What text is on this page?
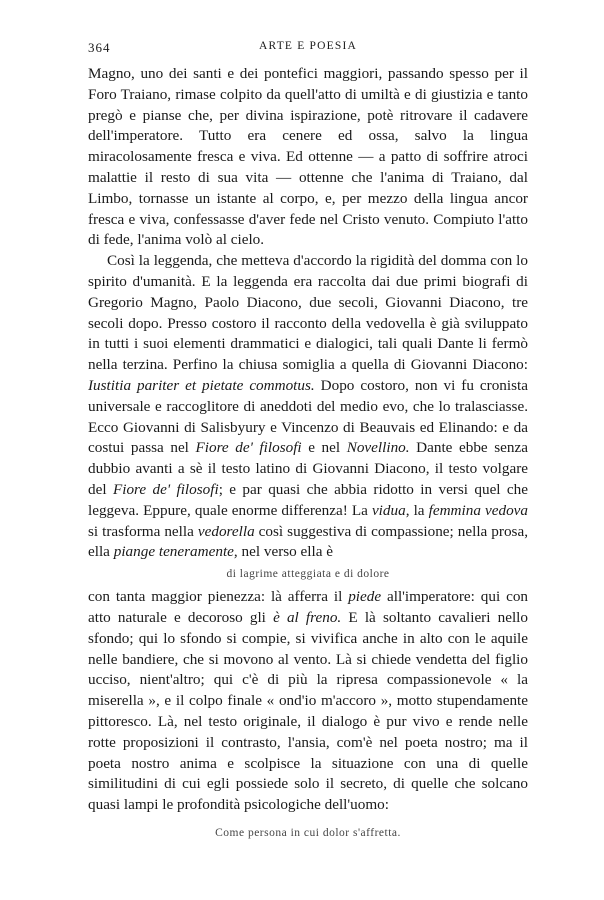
364	ARTE E POESIA

Magno, uno dei santi e dei pontefici maggiori, passando spesso per il Foro Traiano, rimase colpito da quell'atto di umiltà e di giustizia e tanto pregò e pianse che, per divina ispirazione, potè ritrovare il cadavere dell'imperatore. Tutto era cenere ed ossa, salvo la lingua miracolosamente fresca e viva. Ed ottenne — a patto di soffrire atroci malattie il resto di sua vita — ottenne che l'anima di Traiano, dal Limbo, tornasse un istante al corpo, e, per mezzo della lingua ancor fresca e viva, confessasse d'aver fede nel Cristo venuto. Compiuto l'atto di fede, l'anima volò al cielo.

Così la leggenda, che metteva d'accordo la rigidità del domma con lo spirito d'umanità. E la leggenda era raccolta dai due primi biografi di Gregorio Magno, Paolo Diacono, due secoli, Giovanni Diacono, tre secoli dopo. Presso costoro il racconto della vedovella è già sviluppato in tutti i suoi elementi drammatici e dialogici, tali quali Dante li fermò nella terzina. Perfino la chiusa somiglia a quella di Giovanni Diacono: Iustitia pariter et pietate commotus. Dopo costoro, non vi fu cronista universale e raccoglitore di aneddoti del medio evo, che lo tralasciasse. Ecco Giovanni di Salisbyury e Vincenzo di Beauvais ed Elinando: e da costui passa nel Fiore de' filosofi e nel Novellino. Dante ebbe senza dubbio avanti a sè il testo latino di Giovanni Diacono, il testo volgare del Fiore de' filosofi; e par quasi che abbia ridotto in versi quel che leggeva. Eppure, quale enorme differenza! La vidua, la femmina vedova si trasforma nella vedorella così suggestiva di compassione; nella prosa, ella piange teneramente, nel verso ella è

di lagrime atteggiata e di dolore

con tanta maggior pienezza: là afferra il piede all'imperatore: qui con atto naturale e decoroso gli è al freno. E là soltanto cavalieri nello sfondo; qui lo sfondo si compie, si vivifica anche in alto con le aquile nelle bandiere, che si movono al vento. Là si chiede vendetta del figlio ucciso, nient'altro; qui c'è di più la ripresa compassionevole « la miserella », e il colpo finale « ond'io m'accoro », motto stupendamente pittoresco. Là, nel testo originale, il dialogo è pur vivo e rende nelle rotte proposizioni il contrasto, l'ansia, com'è nel poeta nostro; ma il poeta nostro anima e scolpisce la situazione con una di quelle similitudini di cui egli possiede solo il secreto, di quelle che solcano quasi lampi le profondità psicologiche dell'uomo:

Come persona in cui dolor s'affretta.
